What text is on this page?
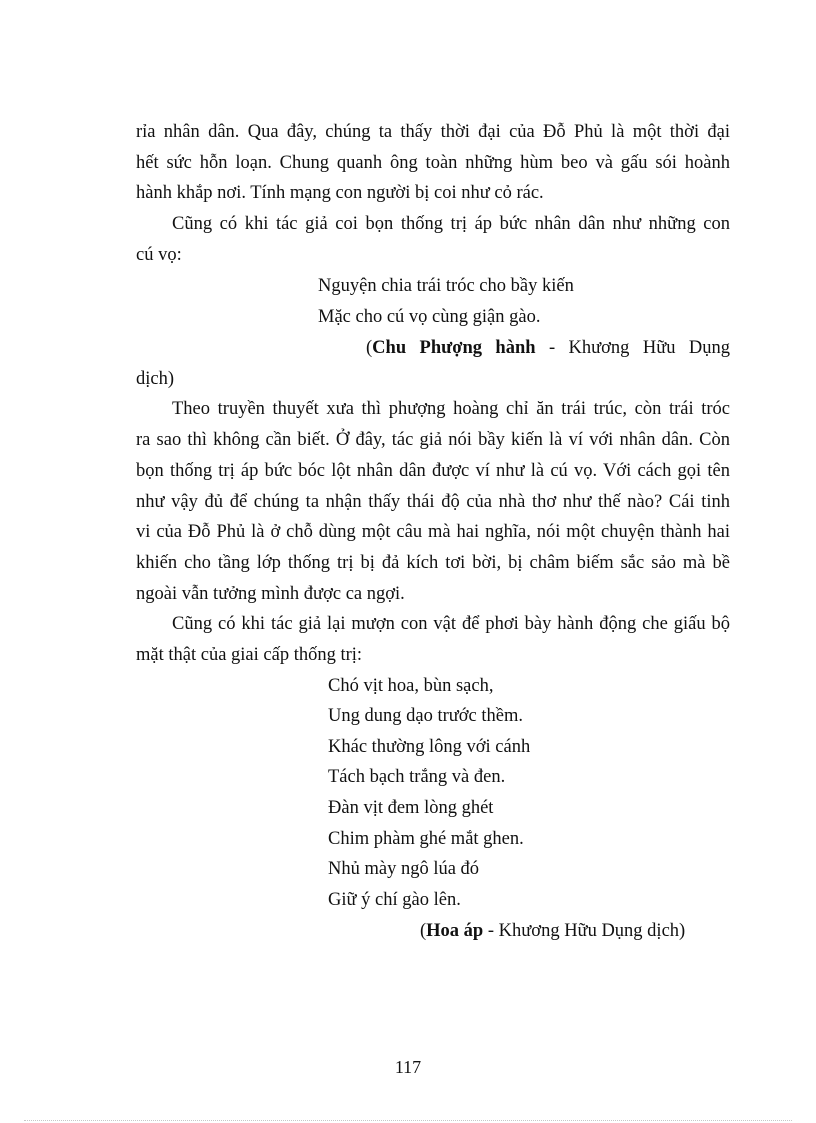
rỉa nhân dân. Qua đây, chúng ta thấy thời đại của Đỗ Phủ là một thời đại
hết sức hỗn loạn. Chung quanh ông toàn những hùm beo và gấu sói hoành
hành khắp nơi. Tính mạng con người bị coi như cỏ rác.
Cũng có khi tác giả coi bọn thống trị áp bức nhân dân như những con
cú vọ:
Nguyện chia trái tróc cho bầy kiến
Mặc cho cú vọ cùng giận gào.
(Chu Phượng hành - Khương Hữu Dụng
dịch)
Theo truyền thuyết xưa thì phượng hoàng chỉ ăn trái trúc, còn trái tróc
ra sao thì không cần biết. Ở đây, tác giả nói bầy kiến là ví với nhân dân. Còn
bọn thống trị áp bức bóc lột nhân dân được ví như là cú vọ. Với cách gọi tên
như vậy đủ để chúng ta nhận thấy thái độ của nhà thơ như thế nào? Cái tinh
vi của Đỗ Phủ là ở chỗ dùng một câu mà hai nghĩa, nói một chuyện thành hai
khiến cho tầng lớp thống trị bị đả kích tơi bời, bị châm biếm sắc sảo mà bề
ngoài vẫn tưởng mình được ca ngợi.
Cũng có khi tác giả lại mượn con vật để phơi bày hành động che giấu bộ
mặt thật của giai cấp thống trị:
Chó vịt hoa, bùn sạch,
Ung dung dạo trước thềm.
Khác thường lông với cánh
Tách bạch trắng và đen.
Đàn vịt đem lòng ghét
Chim phàm ghé mắt ghen.
Nhủ mày ngô lúa đó
Giữ ý chí gào lên.
(Hoa áp - Khương Hữu Dụng dịch)
117
